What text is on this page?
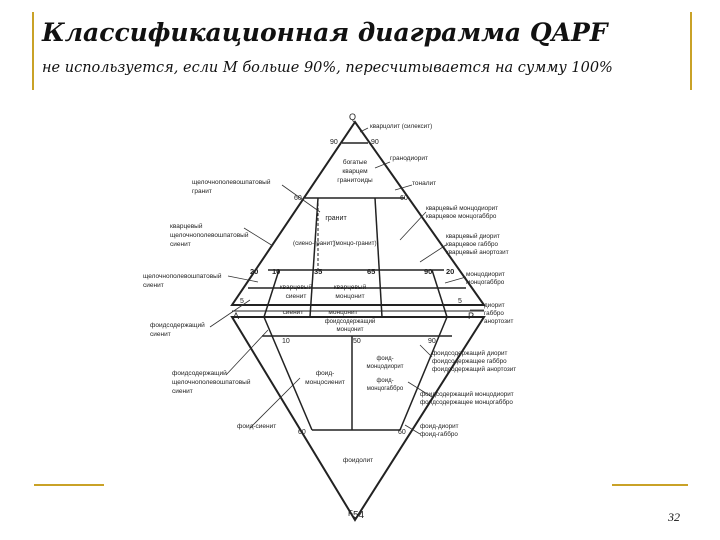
Классификационная диаграмма QAPF
не используется, если М больше 90%, пересчитывается на сумму 100%
Q
A	P
F
90	90
60	60
20	20
10	35	65	90
5	5
10	50	90
60	60
54
богатые
кварцем
гранитоиды
гранит
(сиено-гранит)
(монцо-гранит)
кварцевый
сиенит
кварцевый
монцонит
сиенит	монцонит
фоидсодержащий
монцонит
фоид-
монцосиенит
фоид-
монцодиорит
фоид-
монцогаббро
фоидолит
щелочнополевошпатовый
гранит
кварцевый
щелочнополевошпатовый
сиенит
щелочнополевошпатовый
сиенит
фоидсодержащий
сиенит
фоидсодержащий
щелочнополевошпатовый
сиенит
фоид-сиенит
кварцолит (силексит)
гранодиорит
тоналит
кварцевый монцодиорит
кварцевое монцогаббро
кварцевый диорит
кварцевое габбро
кварцевый анортозит
монцодиорит
монцогаббро
диорит
габбро
анортозит
фоидсодержащий диорит
фоидсодержащее габбро
фоидсодержащий анортозит
фоидсодержащий монцодиорит
фоидсодержащее монцогаббро
фоид-диорит
фоид-габбро
32
